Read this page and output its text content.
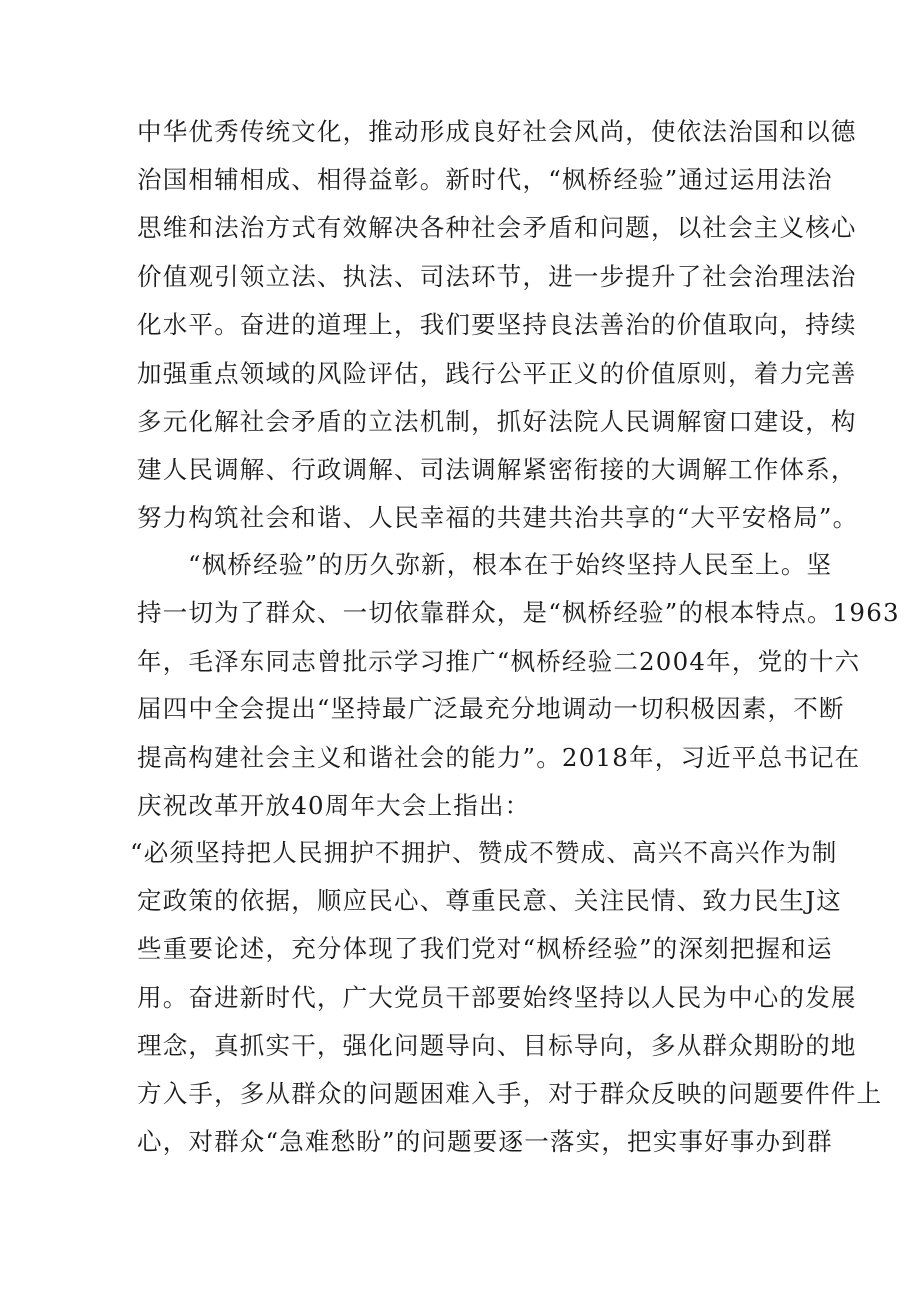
中华优秀传统文化，推动形成良好社会风尚，使依法治国和以德
治国相辅相成、相得益彰。新时代，“枫桥经验”通过运用法治
思维和法治方式有效解决各种社会矛盾和问题，以社会主义核心
价值观引领立法、执法、司法环节，进一步提升了社会治理法治
化水平。奋进的道理上，我们要坚持良法善治的价值取向，持续
加强重点领域的风险评估，践行公平正义的价值原则，着力完善
多元化解社会矛盾的立法机制，抓好法院人民调解窗口建设，构
建人民调解、行政调解、司法调解紧密衔接的大调解工作体系，
努力构筑社会和谐、人民幸福的共建共治共享的“大平安格局”。
“枫桥经验”的历久弥新，根本在于始终坚持人民至上。坚
持一切为了群众、一切依靠群众，是“枫桥经验”的根本特点。1963
年，毛泽东同志曾批示学习推广“枫桥经验二2004年，党的十六
届四中全会提出“坚持最广泛最充分地调动一切积极因素，不断
提高构建社会主义和谐社会的能力”。2018年，习近平总书记在
庆祝改革开放40周年大会上指出：
“必须坚持把人民拥护不拥护、赞成不赞成、高兴不高兴作为制
定政策的依据，顺应民心、尊重民意、关注民情、致力民生J这
些重要论述，充分体现了我们党对“枫桥经验”的深刻把握和运
用。奋进新时代，广大党员干部要始终坚持以人民为中心的发展
理念，真抓实干，强化问题导向、目标导向，多从群众期盼的地
方入手，多从群众的问题困难入手，对于群众反映的问题要件件上
心，对群众“急难愁盼”的问题要逐一落实，把实事好事办到群
